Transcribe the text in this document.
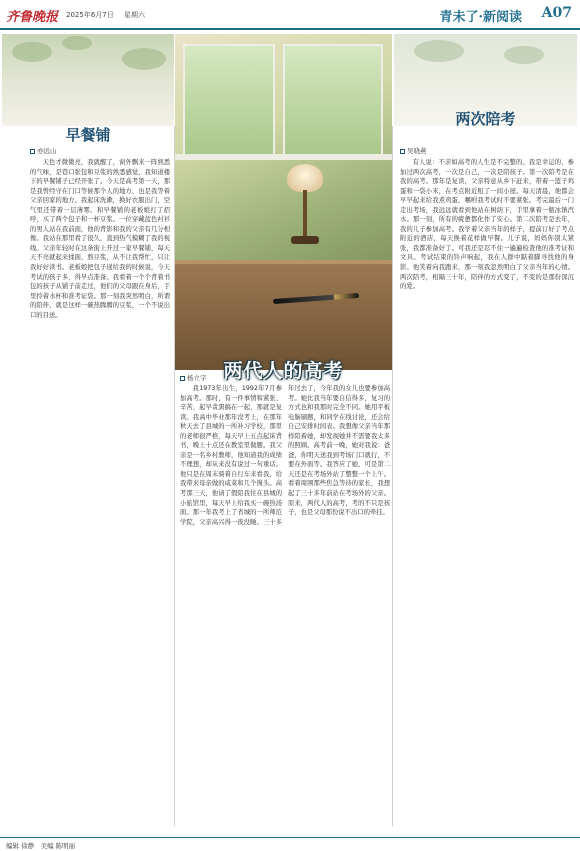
齐鲁晚报 2025年6月7日 星期六	青未了·新阅读 A07
早餐铺
亦远山

天色才微微亮，我就醒了，窗外飘来一阵熟悉的气味，是巷口张包和豆浆的熟悉感觉，我知道楼下的早餐铺子已经开张了。今天是高考第一天，那是我曾经守在门口等候那个人的地方，也是我等着父亲回家的地方。我起床洗漱，换好衣服出门，空气里还带着一层薄雾。和早餐铺的老板娘打了招呼，买了两个包子和一杯豆浆。一位穿藏蓝色衬衫的男人站在我前面，他的背影和我的父亲有几分相像。我站在那里看了很久，直到热气模糊了我的视线。父亲年轻时在这条街上开过一家早餐铺，每天天不亮就起来揉面、熬豆浆，从不让我帮忙，只让我好好读书。老板娘把包子递给我的时候说，今天考试的孩子多，得早点准备。我看着一个个背着书包的孩子从铺子前走过，他们的父母跟在身后，手里拎着水杯和准考证袋。那一刻我突然明白，所谓的陪伴，就是这样一碗热腾腾的豆浆，一个不说出口的目送。

两代人的高考
杨立宇

我1973年出生，1992年7月参加高考。那时，有一件事情和紧张、辛苦、起早贪黑搞在一起，那就是复读。我高中毕业那年没考上，在那年秋天去了县城的一所补习学校，那里的老师很严格，每天早上五点起床背书，晚上十点还在教室里做题。我父亲是一名乡村教师，他知道我的成绩不理想，却从来没有说过一句重话。他只是在周末骑着自行车来看我，给我带来母亲做的咸菜和几个馒头。高考那三天，他请了假陪我住在县城的小旅馆里，每天早上给我买一碗热汤面。那一年我考上了省城的一所师范学院，父亲高兴得一夜没睡。三十多年过去了，今年我的女儿也要参加高考。她比我当年要自信得多，复习的方式也和我那时完全不同。她用平板电脑刷题，和同学在线讨论，还会给自己安排时间表。我想像父亲当年那样陪着她，却发现她并不需要我太多的照顾。高考前一晚，她对我说：爸爸，你明天送我到考场门口就行，不要在外面等。我答应了她，可是第二天还是在考场外站了整整一个上午。看着周围那些焦急等待的家长，我想起了三十多年前站在考场外的父亲。原来，两代人的高考，考的不只是孩子，也是父母那份说不出口的牵挂。

两次陪考
吴晓燕

有人说：不亲如高考的人生是不完整的。我是幸运的，参加过两次高考，一次是自己，一次是陪孩子。第一次陪考是在我的高考。那年是复读，父亲特意从乡下赶来，带着一篮子鸡蛋和一袋小米，在考点附近租了一间小屋。每天清晨，他都会早早起来给我煮鸡蛋，嘱咐我考试时不要紧张。考完最后一门走出考场，我远远就看到他站在树荫下，手里拿着一瓶冰镇汽水。那一刻，所有的疲惫都化作了安心。第二次陪考是去年，我的儿子参加高考。我学着父亲当年的样子，提前订好了考点附近的酒店，每天换着花样做早餐。儿子说，妈妈你别太紧张，我都准备好了。可我还是忍不住一遍遍检查他的准考证和文具。考试结束的铃声响起，我在人群中踮着脚寻找他的身影。他笑着向我跑来，那一刻我忽然明白了父亲当年的心情。两次陪考，相隔三十年，陪伴的方式变了，不变的是那份深沉的爱。

编辑 徐静　美编 陈明丽
